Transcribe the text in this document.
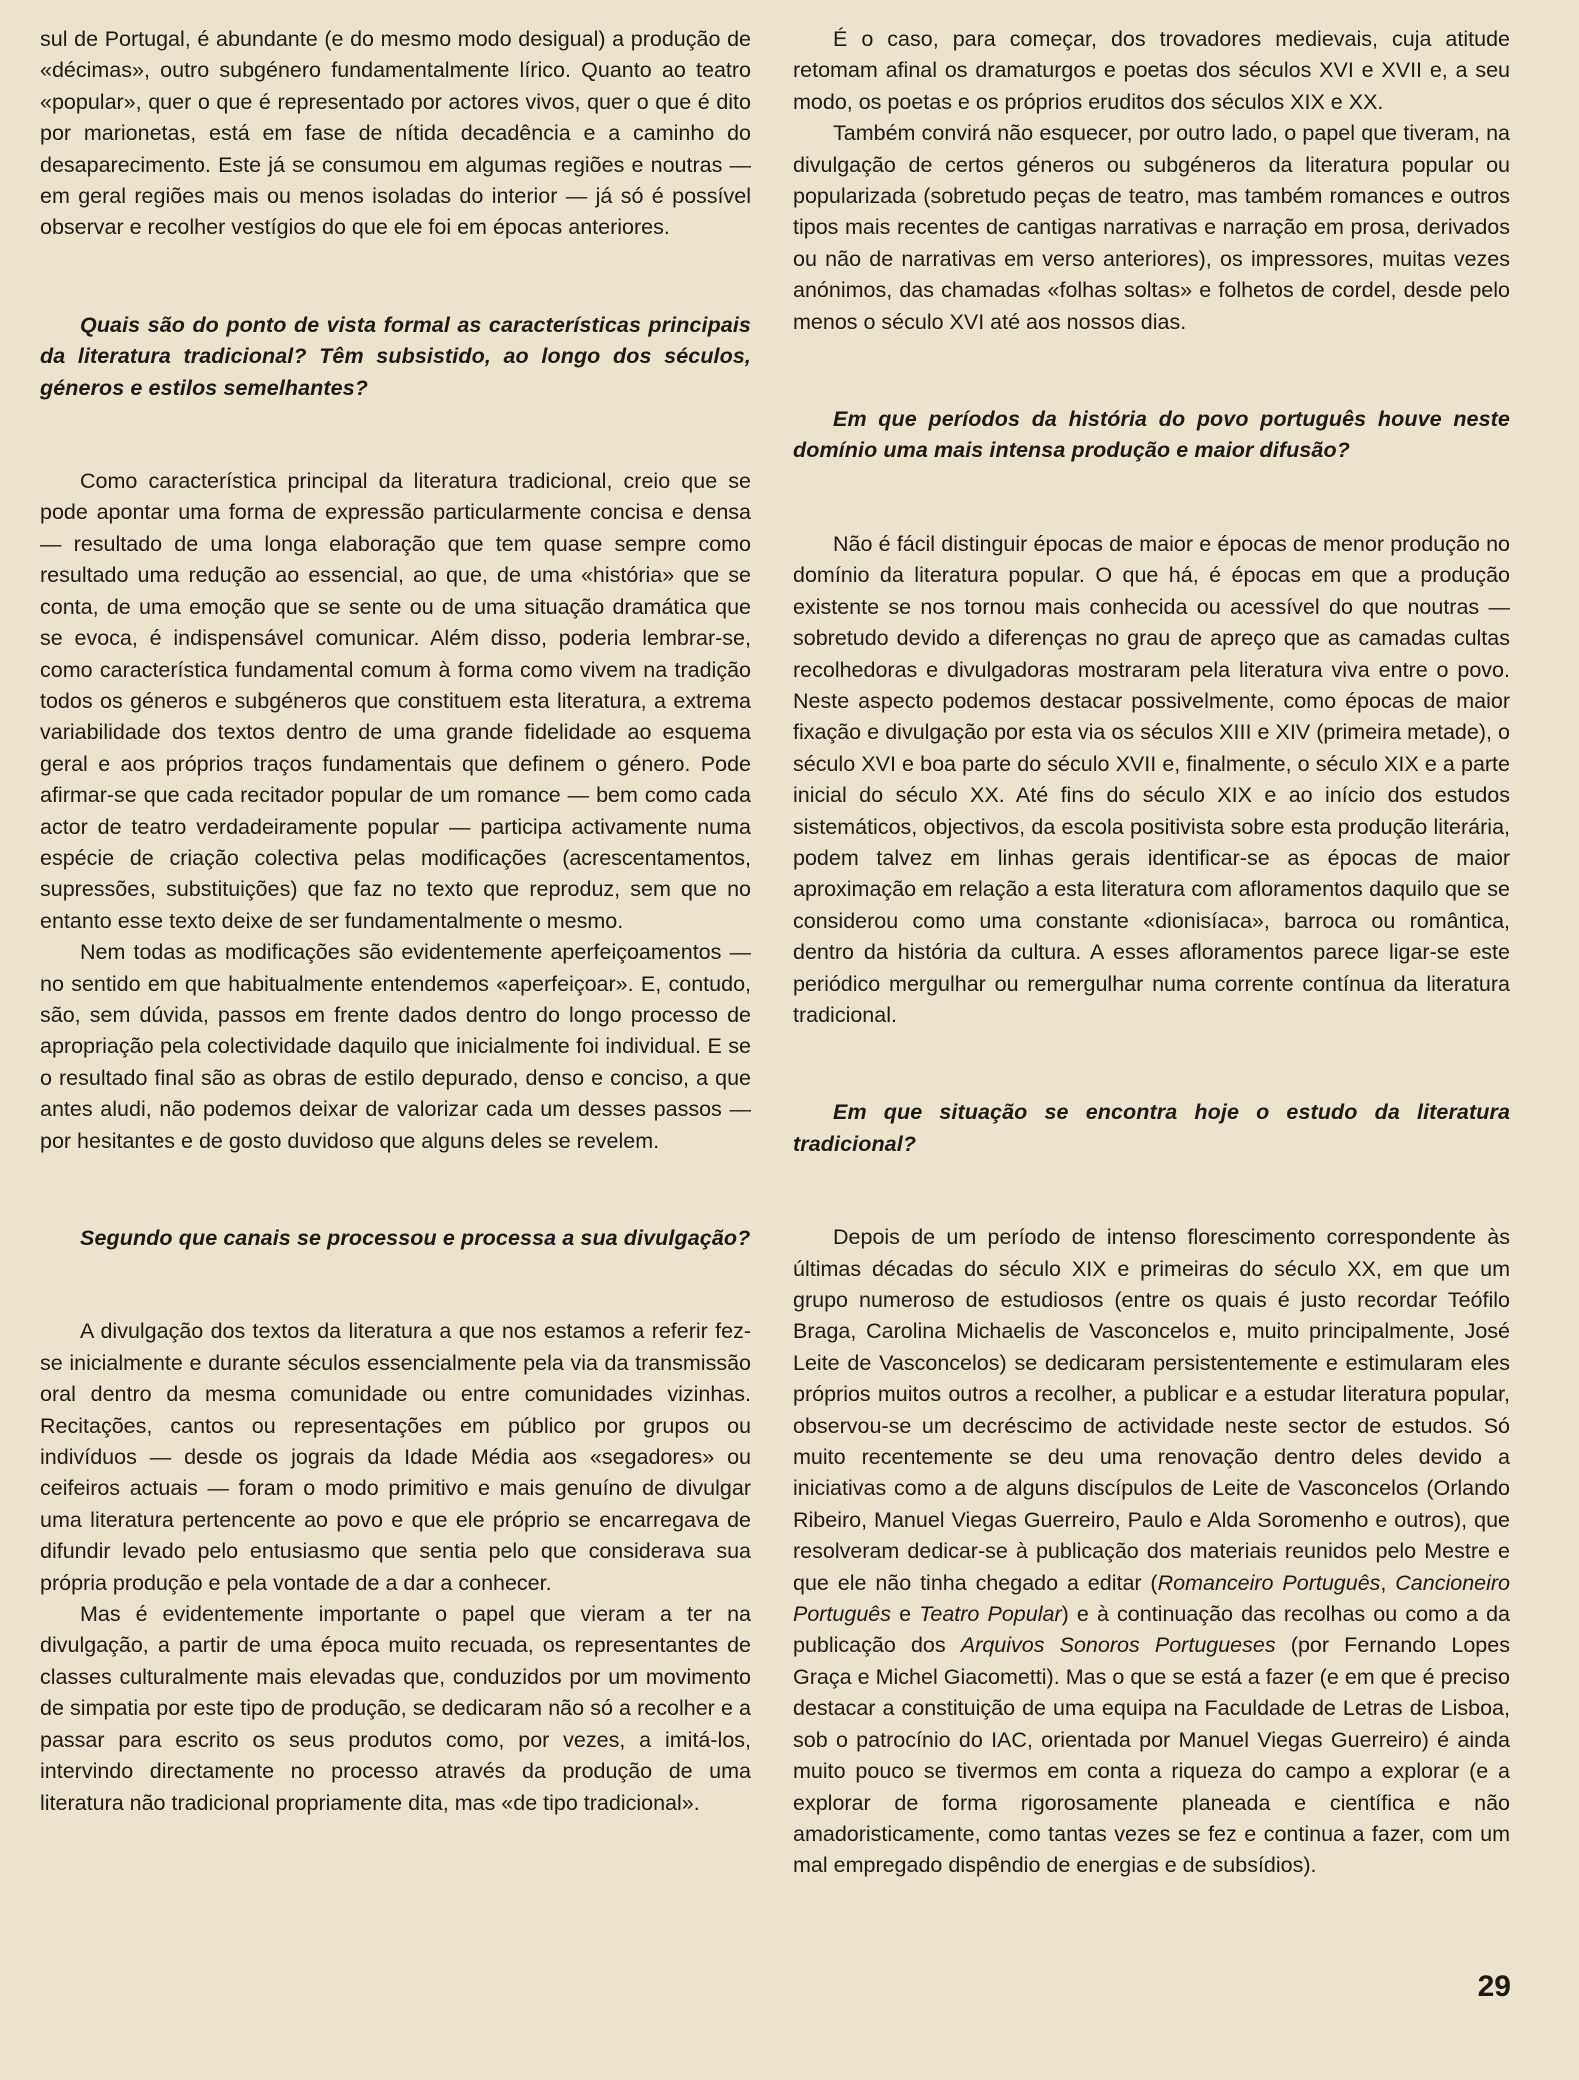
sul de Portugal, é abundante (e do mesmo modo desigual) a produção de «décimas», outro subgénero fundamentalmente lírico. Quanto ao teatro «popular», quer o que é representado por actores vivos, quer o que é dito por marionetas, está em fase de nítida decadência e a caminho do desaparecimento. Este já se consumou em algumas regiões e noutras — em geral regiões mais ou menos isoladas do interior — já só é possível observar e recolher vestígios do que ele foi em épocas anteriores.

Quais são do ponto de vista formal as características principais da literatura tradicional? Têm subsistido, ao longo dos séculos, géneros e estilos semelhantes?

Como característica principal da literatura tradicional, creio que se pode apontar uma forma de expressão particularmente concisa e densa — resultado de uma longa elaboração que tem quase sempre como resultado uma redução ao essencial, ao que, de uma «história» que se conta, de uma emoção que se sente ou de uma situação dramática que se evoca, é indispensável comunicar. Além disso, poderia lembrar-se, como característica fundamental comum à forma como vivem na tradição todos os géneros e subgéneros que constituem esta literatura, a extrema variabilidade dos textos dentro de uma grande fidelidade ao esquema geral e aos próprios traços fundamentais que definem o género. Pode afirmar-se que cada recitador popular de um romance — bem como cada actor de teatro verdadeiramente popular — participa activamente numa espécie de criação colectiva pelas modificações (acrescentamentos, supressões, substituições) que faz no texto que reproduz, sem que no entanto esse texto deixe de ser fundamentalmente o mesmo.

Nem todas as modificações são evidentemente aperfeiçoamentos — no sentido em que habitualmente entendemos «aperfeiçoar». E, contudo, são, sem dúvida, passos em frente dados dentro do longo processo de apropriação pela colectividade daquilo que inicialmente foi individual. E se o resultado final são as obras de estilo depurado, denso e conciso, a que antes aludi, não podemos deixar de valorizar cada um desses passos — por hesitantes e de gosto duvidoso que alguns deles se revelem.

Segundo que canais se processou e processa a sua divulgação?

A divulgação dos textos da literatura a que nos estamos a referir fez-se inicialmente e durante séculos essencialmente pela via da transmissão oral dentro da mesma comunidade ou entre comunidades vizinhas. Recitações, cantos ou representações em público por grupos ou indivíduos — desde os jograis da Idade Média aos «segadores» ou ceifeiros actuais — foram o modo primitivo e mais genuíno de divulgar uma literatura pertencente ao povo e que ele próprio se encarregava de difundir levado pelo entusiasmo que sentia pelo que considerava sua própria produção e pela vontade de a dar a conhecer.

Mas é evidentemente importante o papel que vieram a ter na divulgação, a partir de uma época muito recuada, os representantes de classes culturalmente mais elevadas que, conduzidos por um movimento de simpatia por este tipo de produção, se dedicaram não só a recolher e a passar para escrito os seus produtos como, por vezes, a imitá-los, intervindo directamente no processo através da produção de uma literatura não tradicional propriamente dita, mas «de tipo tradicional».

É o caso, para começar, dos trovadores medievais, cuja atitude retomam afinal os dramaturgos e poetas dos séculos XVI e XVII e, a seu modo, os poetas e os próprios eruditos dos séculos XIX e XX.

Também convirá não esquecer, por outro lado, o papel que tiveram, na divulgação de certos géneros ou subgéneros da literatura popular ou popularizada (sobretudo peças de teatro, mas também romances e outros tipos mais recentes de cantigas narrativas e narração em prosa, derivados ou não de narrativas em verso anteriores), os impressores, muitas vezes anónimos, das chamadas «folhas soltas» e folhetos de cordel, desde pelo menos o século XVI até aos nossos dias.

Em que períodos da história do povo português houve neste domínio uma mais intensa produção e maior difusão?

Não é fácil distinguir épocas de maior e épocas de menor produção no domínio da literatura popular. O que há, é épocas em que a produção existente se nos tornou mais conhecida ou acessível do que noutras — sobretudo devido a diferenças no grau de apreço que as camadas cultas recolhedoras e divulgadoras mostraram pela literatura viva entre o povo. Neste aspecto podemos destacar possivelmente, como épocas de maior fixação e divulgação por esta via os séculos XIII e XIV (primeira metade), o século XVI e boa parte do século XVII e, finalmente, o século XIX e a parte inicial do século XX. Até fins do século XIX e ao início dos estudos sistemáticos, objectivos, da escola positivista sobre esta produção literária, podem talvez em linhas gerais identificar-se as épocas de maior aproximação em relação a esta literatura com afloramentos daquilo que se considerou como uma constante «dionisíaca», barroca ou romântica, dentro da história da cultura. A esses afloramentos parece ligar-se este periódico mergulhar ou remergulhar numa corrente contínua da literatura tradicional.

Em que situação se encontra hoje o estudo da literatura tradicional?

Depois de um período de intenso florescimento correspondente às últimas décadas do século XIX e primeiras do século XX, em que um grupo numeroso de estudiosos (entre os quais é justo recordar Teófilo Braga, Carolina Michaelis de Vasconcelos e, muito principalmente, José Leite de Vasconcelos) se dedicaram persistentemente e estimularam eles próprios muitos outros a recolher, a publicar e a estudar literatura popular, observou-se um decréscimo de actividade neste sector de estudos. Só muito recentemente se deu uma renovação dentro deles devido a iniciativas como a de alguns discípulos de Leite de Vasconcelos (Orlando Ribeiro, Manuel Viegas Guerreiro, Paulo e Alda Soromenho e outros), que resolveram dedicar-se à publicação dos materiais reunidos pelo Mestre e que ele não tinha chegado a editar (Romanceiro Português, Cancioneiro Português e Teatro Popular) e à continuação das recolhas ou como a da publicação dos Arquivos Sonoros Portugueses (por Fernando Lopes Graça e Michel Giacometti). Mas o que se está a fazer (e em que é preciso destacar a constituição de uma equipa na Faculdade de Letras de Lisboa, sob o patrocínio do IAC, orientada por Manuel Viegas Guerreiro) é ainda muito pouco se tivermos em conta a riqueza do campo a explorar (e a explorar de forma rigorosamente planeada e científica e não amadoristicamente, como tantas vezes se fez e continua a fazer, com um mal empregado dispêndio de energias e de subsídios).

29
